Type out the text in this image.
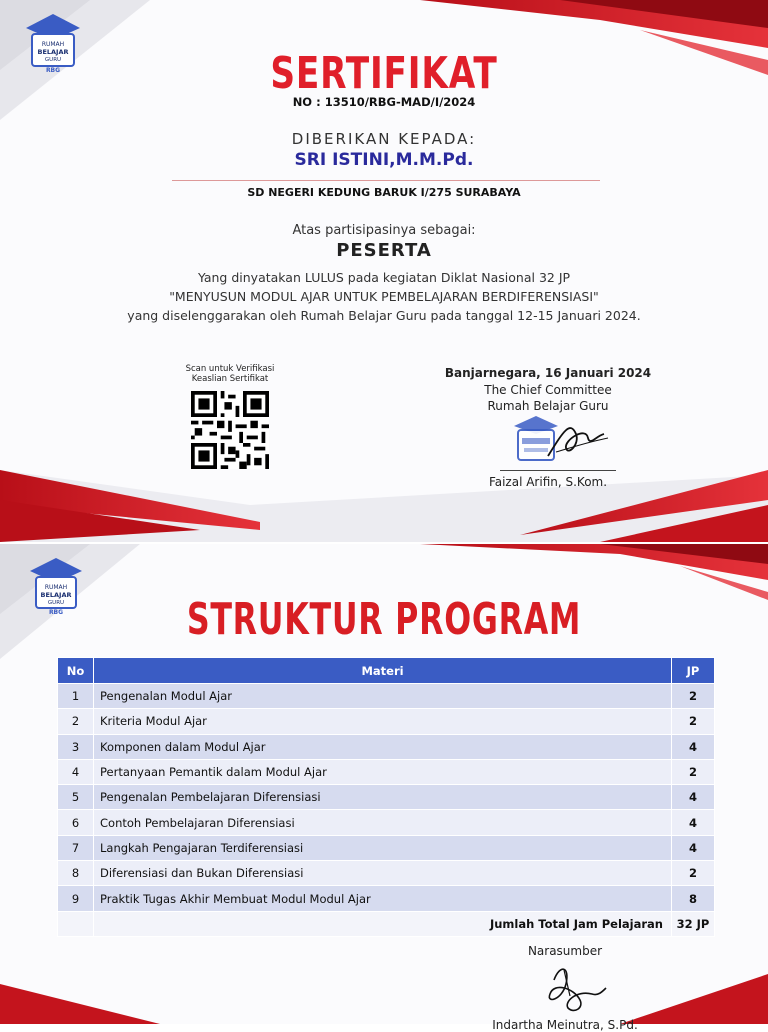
RUMAH
BELAJAR
GURU
RBG	SERTIFIKAT
NO : 13510/RBG-MAD/I/2024
DIBERIKAN KEPADA:
SRI ISTINI,M.M.Pd.
SD NEGERI KEDUNG BARUK I/275 SURABAYA
Atas partisipasinya sebagai:
PESERTA
Yang dinyatakan LULUS pada kegiatan Diklat Nasional 32 JP
"MENYUSUN MODUL AJAR UNTUK PEMBELAJARAN BERDIFERENSIASI"
yang diselenggarakan oleh Rumah Belajar Guru pada tanggal 12-15 Januari 2024.
Scan untuk Verifikasi
Keaslian Sertifikat	Banjarnegara, 16 Januari 2024
The Chief Committee
Rumah Belajar Guru
Faizal Arifin, S.Kom.
RUMAH
BELAJAR
GURU
RBG	STRUKTUR PROGRAM
No	Materi	JP
1	Pengenalan Modul Ajar	2
2	Kriteria Modul Ajar	2
3	Komponen dalam Modul Ajar	4
4	Pertanyaan Pemantik dalam Modul Ajar	2
5	Pengenalan Pembelajaran Diferensiasi	4
6	Contoh Pembelajaran Diferensiasi	4
7	Langkah Pengajaran Terdiferensiasi	4
8	Diferensiasi dan Bukan Diferensiasi	2
9	Praktik Tugas Akhir Membuat Modul Modul Ajar	8
	Jumlah Total Jam Pelajaran	32 JP
Narasumber
Indartha Meinutra, S.Pd.
